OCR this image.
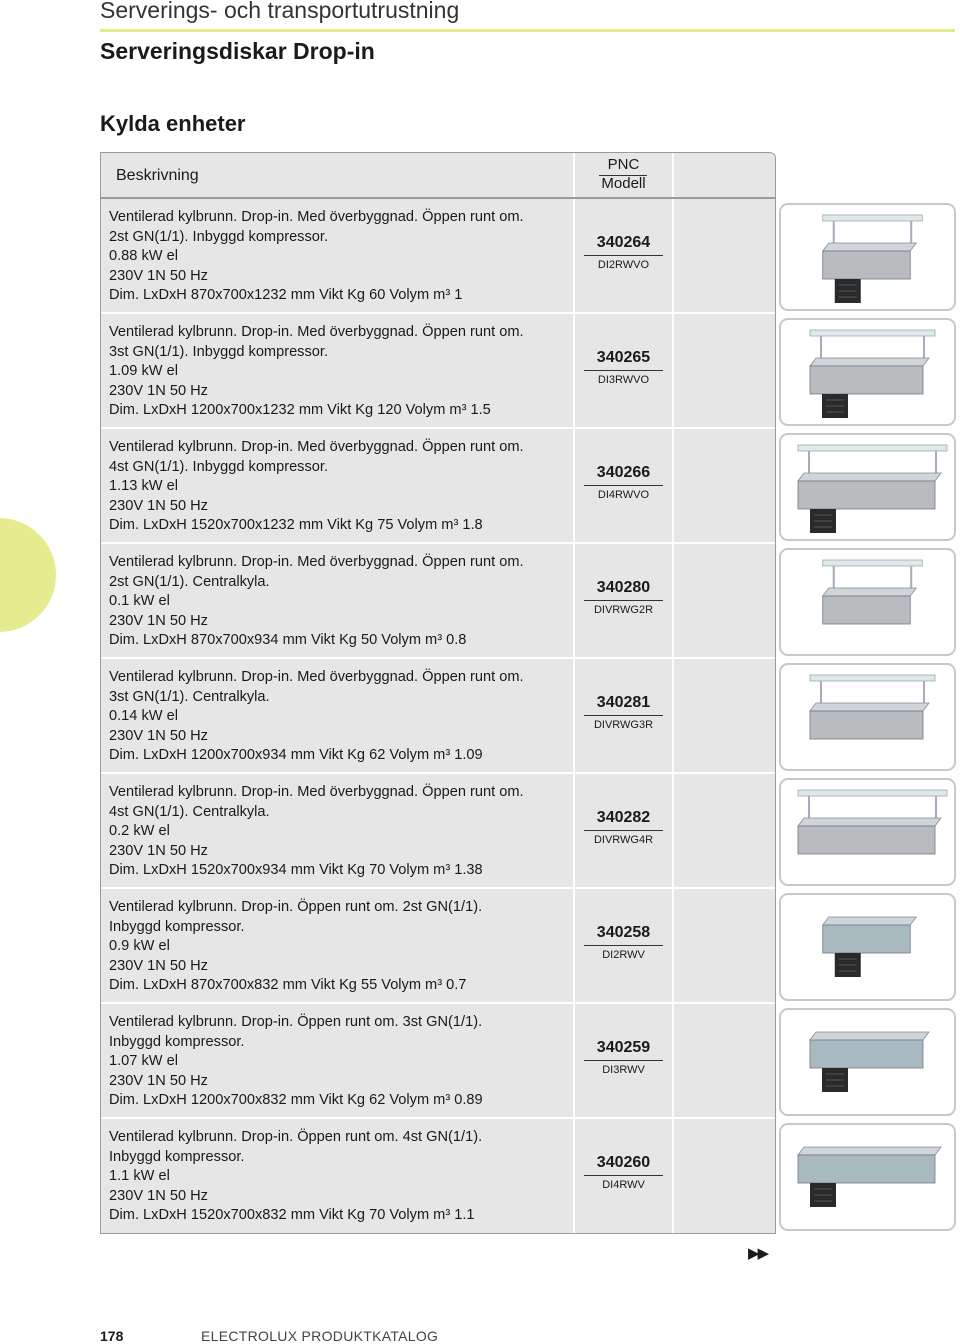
Serverings- och transportutrustning
Serveringsdiskar Drop-in
Kylda enheter
Beskrivning
PNC
Modell
Ventilerad kylbrunn. Drop-in. Med överbyggnad. Öppen runt om.
2st GN(1/1). Inbyggd kompressor.
0.88 kW el
230V 1N 50 Hz
Dim. LxDxH 870x700x1232 mm Vikt Kg 60 Volym m³ 1
340264
DI2RWVO
Ventilerad kylbrunn. Drop-in. Med överbyggnad. Öppen runt om.
3st GN(1/1). Inbyggd kompressor.
1.09 kW el
230V 1N 50 Hz
Dim. LxDxH 1200x700x1232 mm Vikt Kg 120 Volym m³ 1.5
340265
DI3RWVO
Ventilerad kylbrunn. Drop-in. Med överbyggnad. Öppen runt om.
4st GN(1/1). Inbyggd kompressor.
1.13 kW el
230V 1N 50 Hz
Dim. LxDxH 1520x700x1232 mm Vikt Kg 75 Volym m³ 1.8
340266
DI4RWVO
Ventilerad kylbrunn. Drop-in. Med överbyggnad. Öppen runt om.
2st GN(1/1). Centralkyla.
0.1 kW el
230V 1N 50 Hz
Dim. LxDxH 870x700x934 mm Vikt Kg 50 Volym m³ 0.8
340280
DIVRWG2R
Ventilerad kylbrunn. Drop-in. Med överbyggnad. Öppen runt om.
3st GN(1/1). Centralkyla.
0.14 kW el
230V 1N 50 Hz
Dim. LxDxH 1200x700x934 mm Vikt Kg 62 Volym m³ 1.09
340281
DIVRWG3R
Ventilerad kylbrunn. Drop-in. Med överbyggnad. Öppen runt om.
4st GN(1/1). Centralkyla.
0.2 kW el
230V 1N 50 Hz
Dim. LxDxH 1520x700x934 mm Vikt Kg 70 Volym m³ 1.38
340282
DIVRWG4R
Ventilerad kylbrunn. Drop-in. Öppen runt om. 2st GN(1/1).
Inbyggd kompressor.
0.9 kW el
230V 1N 50 Hz
Dim. LxDxH 870x700x832 mm Vikt Kg 55 Volym m³ 0.7
340258
DI2RWV
Ventilerad kylbrunn. Drop-in. Öppen runt om. 3st GN(1/1).
Inbyggd kompressor.
1.07 kW el
230V 1N 50 Hz
Dim. LxDxH 1200x700x832 mm Vikt Kg 62 Volym m³ 0.89
340259
DI3RWV
Ventilerad kylbrunn. Drop-in. Öppen runt om. 4st GN(1/1).
Inbyggd kompressor.
1.1 kW el
230V 1N 50 Hz
Dim. LxDxH 1520x700x832 mm Vikt Kg 70 Volym m³ 1.1
340260
DI4RWV
▶▶
178	ELECTROLUX PRODUKTKATALOG
